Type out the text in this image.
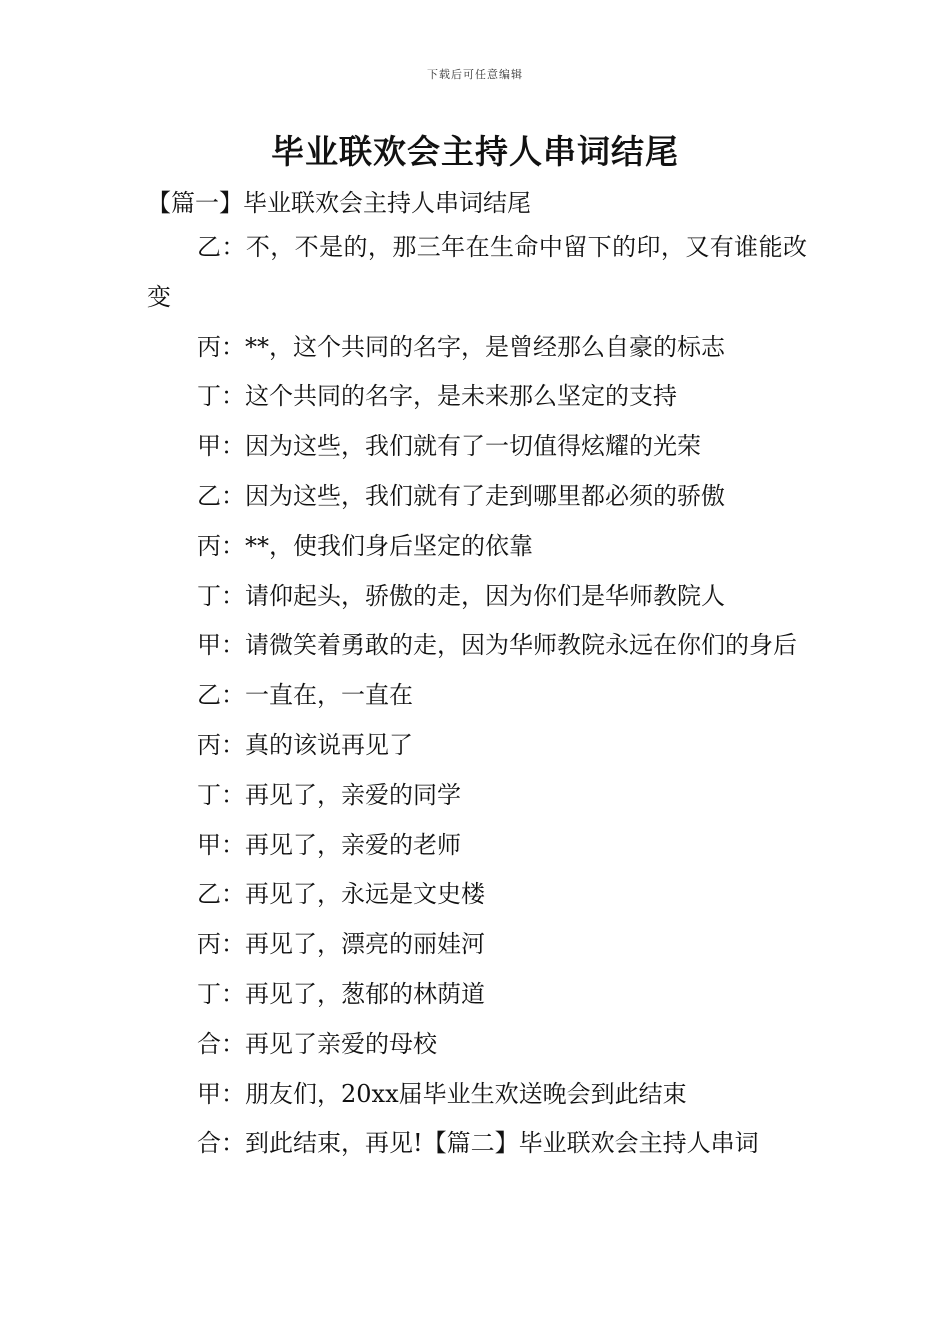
下载后可任意编辑
毕业联欢会主持人串词结尾
【篇一】毕业联欢会主持人串词结尾

乙：不，不是的，那三年在生命中留下的印，又有谁能改变

丙：**，这个共同的名字，是曾经那么自豪的标志

丁：这个共同的名字，是未来那么坚定的支持

甲：因为这些，我们就有了一切值得炫耀的光荣

乙：因为这些，我们就有了走到哪里都必须的骄傲

丙：**，使我们身后坚定的依靠

丁：请仰起头，骄傲的走，因为你们是华师教院人

甲：请微笑着勇敢的走，因为华师教院永远在你们的身后

乙：一直在，一直在

丙：真的该说再见了

丁：再见了，亲爱的同学

甲：再见了，亲爱的老师

乙：再见了，永远是文史楼

丙：再见了，漂亮的丽娃河

丁：再见了，葱郁的林荫道

合：再见了亲爱的母校

甲：朋友们，20xx届毕业生欢送晚会到此结束

合：到此结束，再见!【篇二】毕业联欢会主持人串词
